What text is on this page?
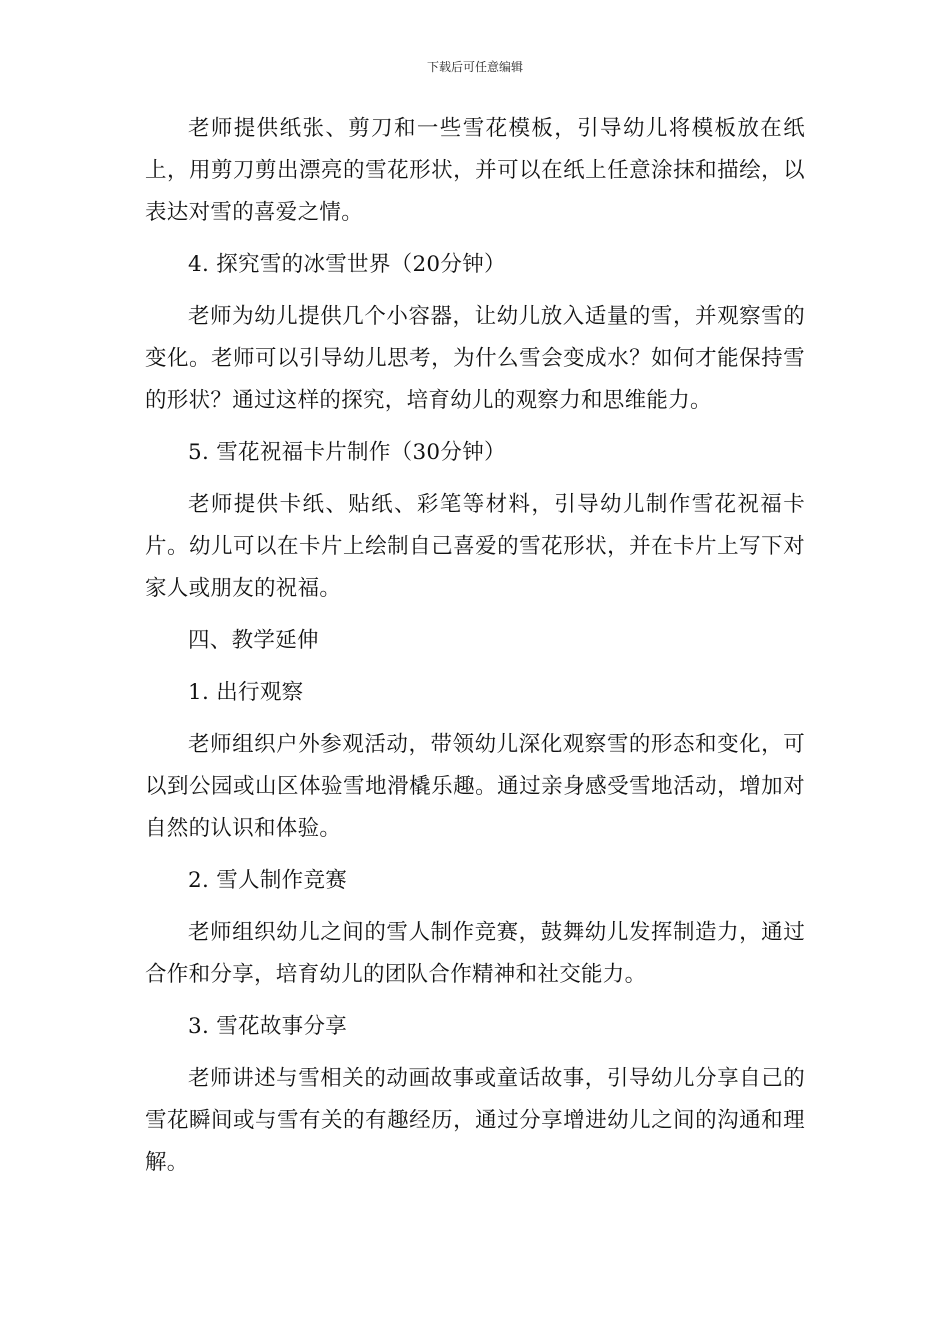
下载后可任意编辑

老师提供纸张、剪刀和一些雪花模板，引导幼儿将模板放在纸上，用剪刀剪出漂亮的雪花形状，并可以在纸上任意涂抹和描绘，以表达对雪的喜爱之情。

4. 探究雪的冰雪世界（20分钟）

老师为幼儿提供几个小容器，让幼儿放入适量的雪，并观察雪的变化。老师可以引导幼儿思考，为什么雪会变成水？如何才能保持雪的形状？通过这样的探究，培育幼儿的观察力和思维能力。

5. 雪花祝福卡片制作（30分钟）

老师提供卡纸、贴纸、彩笔等材料，引导幼儿制作雪花祝福卡片。幼儿可以在卡片上绘制自己喜爱的雪花形状，并在卡片上写下对家人或朋友的祝福。

四、教学延伸

1. 出行观察

老师组织户外参观活动，带领幼儿深化观察雪的形态和变化，可以到公园或山区体验雪地滑橇乐趣。通过亲身感受雪地活动，增加对自然的认识和体验。

2. 雪人制作竞赛

老师组织幼儿之间的雪人制作竞赛，鼓舞幼儿发挥制造力，通过合作和分享，培育幼儿的团队合作精神和社交能力。

3. 雪花故事分享

老师讲述与雪相关的动画故事或童话故事，引导幼儿分享自己的雪花瞬间或与雪有关的有趣经历，通过分享增进幼儿之间的沟通和理解。
